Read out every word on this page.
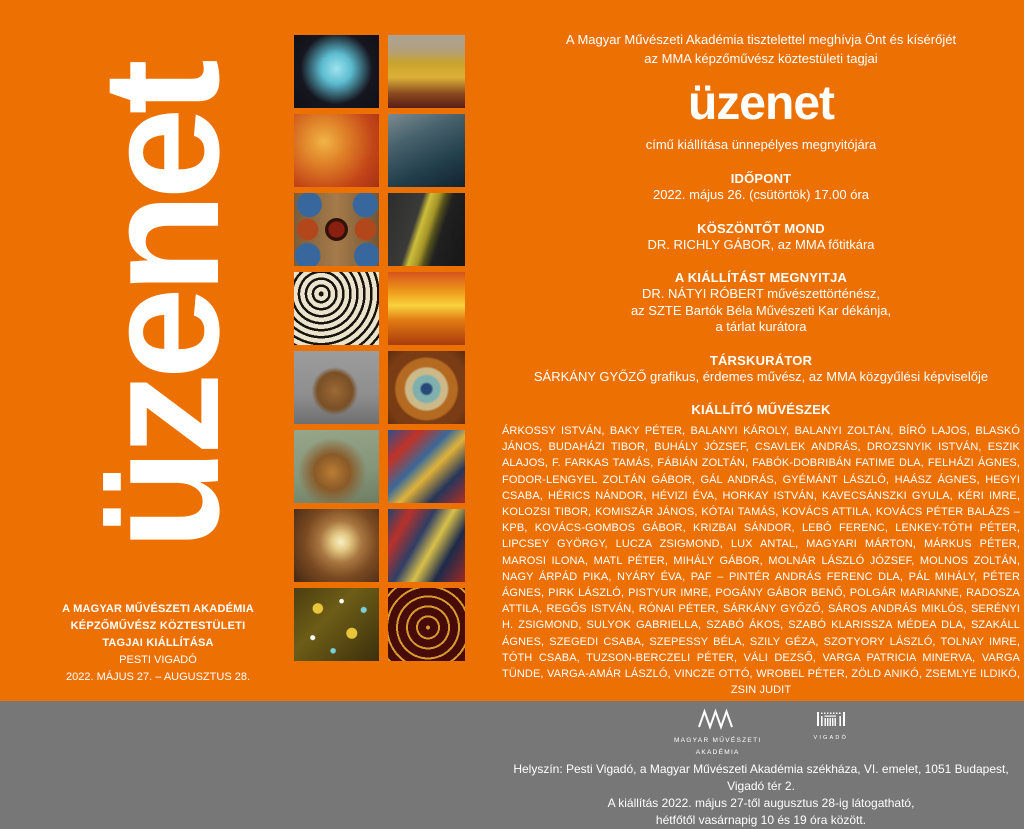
üzenet
A MAGYAR MŰVÉSZETI AKADÉMIA
KÉPZŐMŰVÉSZ KÖZTESTÜLETI
TAGJAI KIÁLLÍTÁSA
PESTI VIGADÓ
2022. MÁJUS 27. – AUGUSZTUS 28.
A Magyar Művészeti Akadémia tisztelettel meghívja Önt és kísérőjét
az MMA képzőművész köztestületi tagjai
üzenet
című kiállítása ünnepélyes megnyitójára
IDŐPONT
2022. május 26. (csütörtök) 17.00 óra
KÖSZÖNTŐT MOND
DR. RICHLY GÁBOR, az MMA főtitkára
A KIÁLLÍTÁST MEGNYITJA
DR. NÁTYI RÓBERT művészettörténész,
az SZTE Bartók Béla Művészeti Kar dékánja,
a tárlat kurátora
TÁRSKURÁTOR
SÁRKÁNY GYŐZŐ grafikus, érdemes művész, az MMA közgyűlési képviselője
KIÁLLÍTÓ MŰVÉSZEK
ÁRKOSSY ISTVÁN, BAKY PÉTER, BALANYI KÁROLY, BALANYI ZOLTÁN, BÍRÓ LAJOS, BLASKÓ JÁNOS, BUDAHÁZI TIBOR, BUHÁLY JÓZSEF, CSAVLEK ANDRÁS, DROZSNYIK ISTVÁN, ESZIK ALAJOS, F. FARKAS TAMÁS, FÁBIÁN ZOLTÁN, FABÓK-DOBRIBÁN FATIME DLA, FELHÁZI ÁGNES, FODOR-LENGYEL ZOLTÁN GÁBOR, GÁL ANDRÁS, GYÉMÁNT LÁSZLÓ, HAÁSZ ÁGNES, HEGYI CSABA, HÉRICS NÁNDOR, HÉVIZI ÉVA, HORKAY ISTVÁN, KAVECSÁNSZKI GYULA, KÉRI IMRE, KOLOZSI TIBOR, KOMISZÁR JÁNOS, KÓTAI TAMÁS, KOVÁCS ATTILA, KOVÁCS PÉTER BALÁZS – KPB, KOVÁCS-GOMBOS GÁBOR, KRIZBAI SÁNDOR, LEBÓ FERENC, LENKEY-TÓTH PÉTER, LIPCSEY GYÖRGY, LUCZA ZSIGMOND, LUX ANTAL, MAGYARI MÁRTON, MÁRKUS PÉTER, MAROSI ILONA, MATL PÉTER, MIHÁLY GÁBOR, MOLNÁR LÁSZLÓ JÓZSEF, MOLNOS ZOLTÁN, NAGY ÁRPÁD PIKA, NYÁRY ÉVA, PAF – PINTÉR ANDRÁS FERENC DLA, PÁL MIHÁLY, PÉTER ÁGNES, PIRK LÁSZLÓ, PISTYUR IMRE, POGÁNY GÁBOR BENŐ, POLGÁR MARIANNE, RADOSZA ATTILA, REGŐS ISTVÁN, RÓNAI PÉTER, SÁRKÁNY GYŐZŐ, SÁROS ANDRÁS MIKLÓS, SERÉNYI H. ZSIGMOND, SULYOK GABRIELLA, SZABÓ ÁKOS, SZABÓ KLARISSZA MÉDEA DLA, SZAKÁLL ÁGNES, SZEGEDI CSABA, SZEPESSY BÉLA, SZILY GÉZA, SZOTYORY LÁSZLÓ, TOLNAY IMRE, TÓTH CSABA, TUZSON-BERCZELI PÉTER, VÁLI DEZSŐ, VARGA PATRICIA MINERVA, VARGA TÜNDE, VARGA-AMÁR LÁSZLÓ, VINCZE OTTÓ, WROBEL PÉTER, ZÖLD ANIKÓ, ZSEMLYE ILDIKÓ, ZSIN JUDIT
MAGYAR MŰVÉSZETI
AKADÉMIA
VIGADÓ
Helyszín: Pesti Vigadó, a Magyar Művészeti Akadémia székháza, VI. emelet, 1051 Budapest, Vigadó tér 2.
A kiállítás 2022. május 27-től augusztus 28-ig látogatható,
hétfőtől vasárnapig 10 és 19 óra között.
